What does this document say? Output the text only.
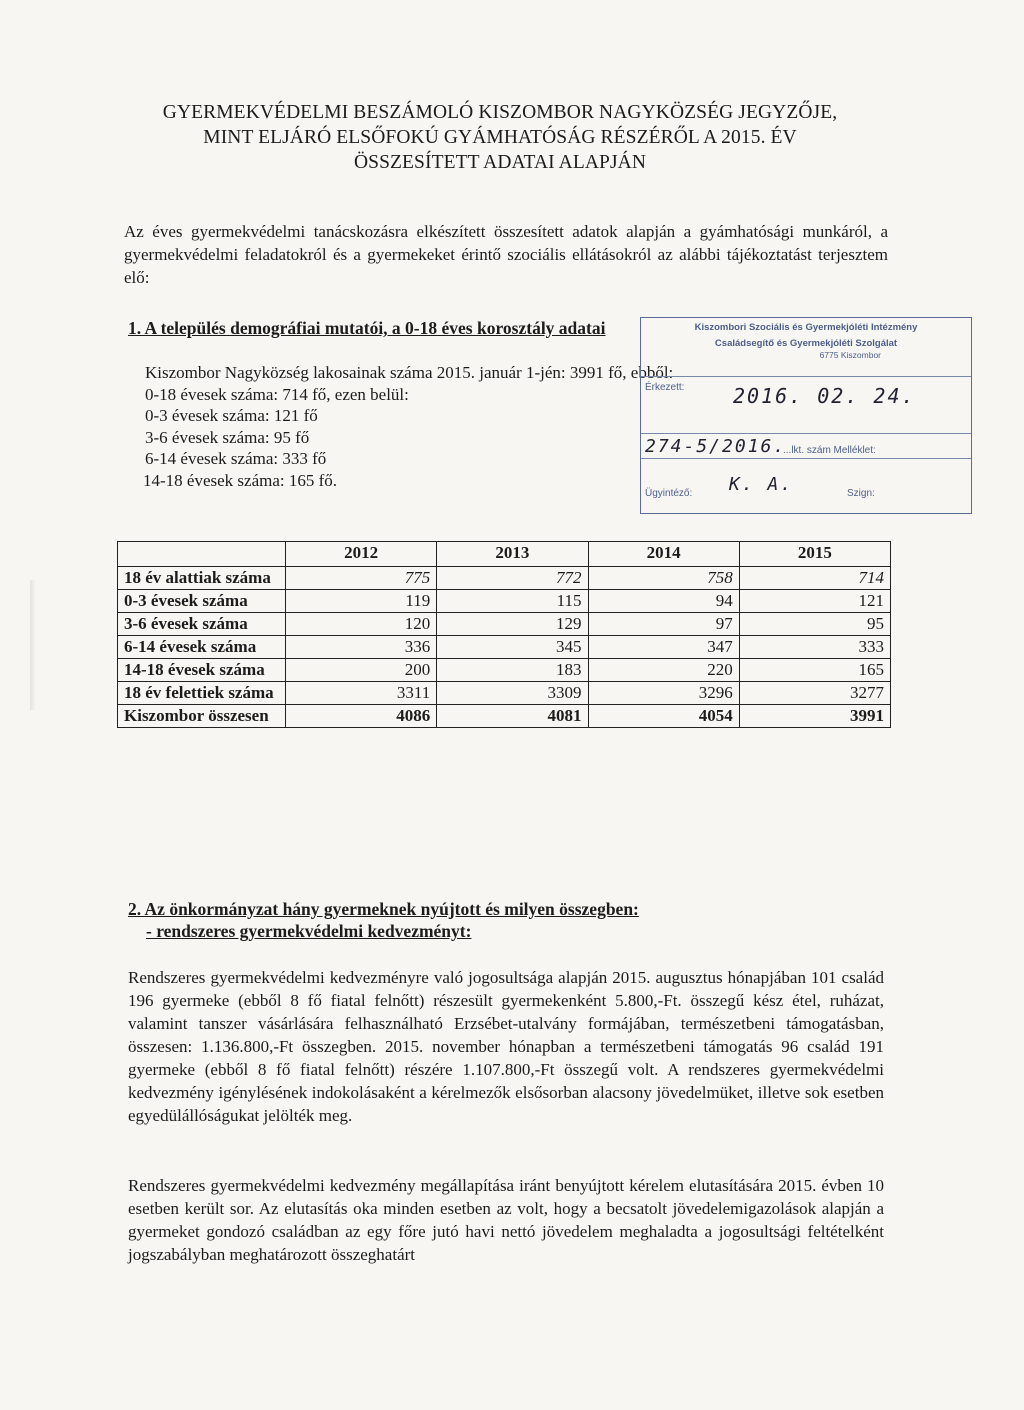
GYERMEKVÉDELMI BESZÁMOLÓ KISZOMBOR NAGYKÖZSÉG JEGYZŐJE,
MINT ELJÁRÓ ELSŐFOKÚ GYÁMHATÓSÁG RÉSZÉRŐL A 2015. ÉV
ÖSSZESÍTETT ADATAI ALAPJÁN
Az éves gyermekvédelmi tanácskozásra elkészített összesített adatok alapján a gyámhatósági munkáról, a gyermekvédelmi feladatokról és a gyermekeket érintő szociális ellátásokról az alábbi tájékoztatást terjesztem elő:
1. A település demográfiai mutatói, a 0-18 éves korosztály adatai
Kiszombor Nagyközség lakosainak száma 2015. január 1-jén: 3991 fő, ebből:
0-18 évesek száma: 714 fő, ezen belül:
0-3 évesek száma: 121 fő
3-6 évesek száma: 95 fő
6-14 évesek száma: 333 fő
14-18 évesek száma: 165 fő.
Kiszombori Szociális és Gyermekjóléti Intézmény
Családsegítő és Gyermekjóléti Szolgálat
6775 Kiszombor
Érkezett: 2016. 02. 24.
274-5/2016.
...lkt. szám Melléklet:
Ügyintéző: K. A.	Szign:
	2012	2013	2014	2015
18 év alattiak száma	775	772	758	714
0-3 évesek száma	119	115	94	121
3-6 évesek száma	120	129	97	95
6-14 évesek száma	336	345	347	333
14-18 évesek száma	200	183	220	165
18 év felettiek száma	3311	3309	3296	3277
Kiszombor összesen	4086	4081	4054	3991
2. Az önkormányzat hány gyermeknek nyújtott és milyen összegben:
- rendszeres gyermekvédelmi kedvezményt:
Rendszeres gyermekvédelmi kedvezményre való jogosultsága alapján 2015. augusztus hónapjában 101 család 196 gyermeke (ebből 8 fő fiatal felnőtt) részesült gyermekenként 5.800,-Ft. összegű kész étel, ruházat, valamint tanszer vásárlására felhasználható Erzsébet-utalvány formájában, természetbeni támogatásban, összesen: 1.136.800,-Ft összegben. 2015. november hónapban a természetbeni támogatás 96 család 191 gyermeke (ebből 8 fő fiatal felnőtt) részére 1.107.800,-Ft összegű volt. A rendszeres gyermekvédelmi kedvezmény igénylésének indokolásaként a kérelmezők elsősorban alacsony jövedelmüket, illetve sok esetben egyedülállóságukat jelölték meg.
Rendszeres gyermekvédelmi kedvezmény megállapítása iránt benyújtott kérelem elutasítására 2015. évben 10 esetben került sor. Az elutasítás oka minden esetben az volt, hogy a becsatolt jövedelemigazolások alapján a gyermeket gondozó családban az egy főre jutó havi nettó jövedelem meghaladta a jogosultsági feltételként jogszabályban meghatározott összeghatárt
